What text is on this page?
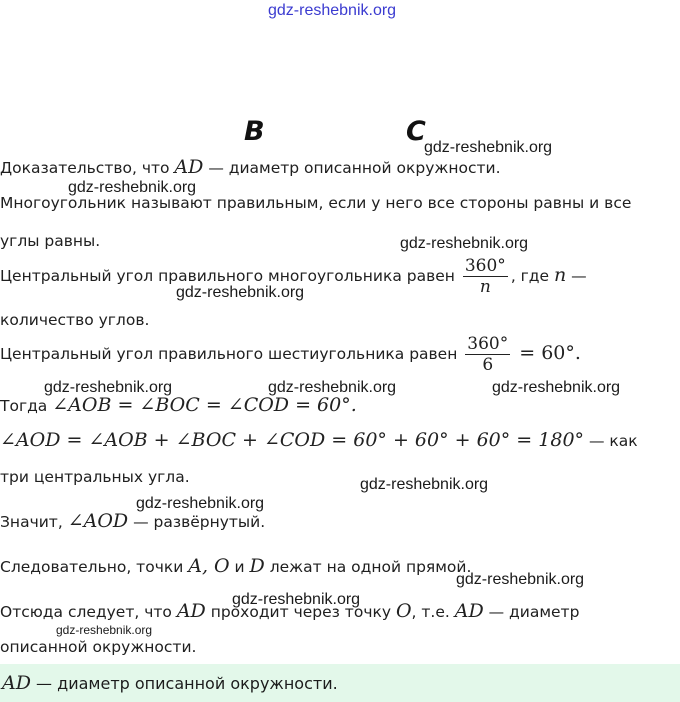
gdz-reshebnik.org
B	C
Доказательство, что AD — диаметр описанной окружности.
Многоугольник называют правильным, если у него все стороны равны и все
углы равны.
Центральный угол правильного многоугольника равен $\frac{360^\circ}{n}$ , где n —
количество углов.
Центральный угол правильного шестиугольника равен $\frac{360^\circ}{6} = 60^\circ$.
Тогда ∠AOB = ∠BOC = ∠COD = 60°.
∠AOD = ∠AOB + ∠BOC + ∠COD = 60° + 60° + 60° = 180° — как
три центральных угла.
Значит, ∠AOD — развёрнутый.
Следовательно, точки A, O и D лежат на одной прямой.
Отсюда следует, что AD проходит через точку O, т.е. AD — диаметр
описанной окружности.
AD — диаметр описанной окружности.
gdz-reshebnik.org
gdz-reshebnik.org
gdz-reshebnik.org
gdz-reshebnik.org
gdz-reshebnik.org	gdz-reshebnik.org	gdz-reshebnik.org
gdz-reshebnik.org
gdz-reshebnik.org
gdz-reshebnik.org
gdz-reshebnik.org
gdz-reshebnik.org
